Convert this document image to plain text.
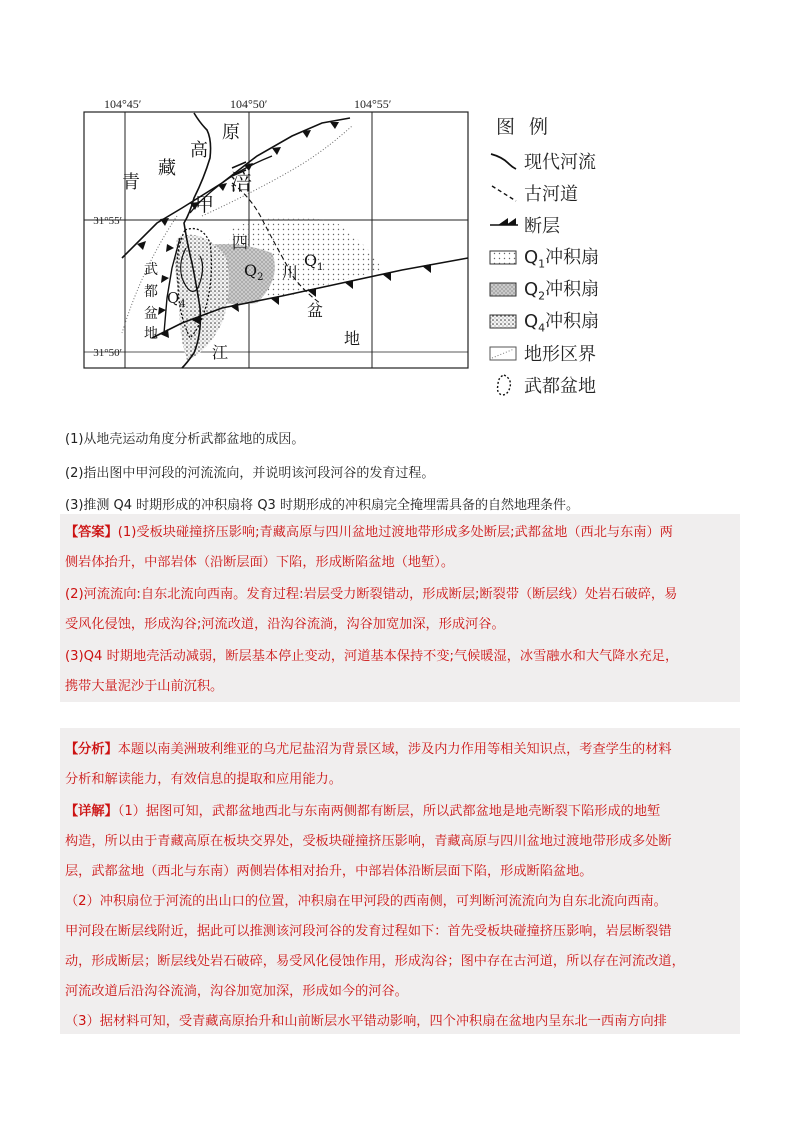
104°45′	104°50′	104°55′
31°55′
31°50′
原
高
藏
青	涪
甲
四
川
盆
地
武
都
盆
地
江
$Q_1$
$Q_2$
$Q_4$
图例
现代河流
古河道
断层
$Q_1$冲积扇
$Q_2$冲积扇
$Q_4$冲积扇
地形区界
武都盆地
(1)从地壳运动角度分析武都盆地的成因。
(2)指出图中甲河段的河流流向，并说明该河段河谷的发育过程。
(3)推测 Q4 时期形成的冲积扇将 Q3 时期形成的冲积扇完全掩埋需具备的自然地理条件。
【答案】(1)受板块碰撞挤压影响;青藏高原与四川盆地过渡地带形成多处断层;武都盆地（西北与东南）两
侧岩体抬升，中部岩体（沿断层面）下陷，形成断陷盆地（地堑）。
(2)河流流向:自东北流向西南。发育过程:岩层受力断裂错动，形成断层;断裂带（断层线）处岩石破碎，易
受风化侵蚀，形成沟谷;河流改道，沿沟谷流淌，沟谷加宽加深，形成河谷。
(3)Q4 时期地壳活动减弱，断层基本停止变动，河道基本保持不变;气候暖湿，冰雪融水和大气降水充足，
携带大量泥沙于山前沉积。
【分析】本题以南美洲玻利维亚的乌尤尼盐沼为背景区域，涉及内力作用等相关知识点，考查学生的材料
分析和解读能力，有效信息的提取和应用能力。
【详解】（1）据图可知，武都盆地西北与东南两侧都有断层，所以武都盆地是地壳断裂下陷形成的地堑
构造，所以由于青藏高原在板块交界处，受板块碰撞挤压影响，青藏高原与四川盆地过渡地带形成多处断
层，武都盆地（西北与东南）两侧岩体相对抬升，中部岩体沿断层面下陷，形成断陷盆地。
（2）冲积扇位于河流的出山口的位置，冲积扇在甲河段的西南侧，可判断河流流向为自东北流向西南。
甲河段在断层线附近，据此可以推测该河段河谷的发育过程如下：首先受板块碰撞挤压影响，岩层断裂错
动，形成断层；断层线处岩石破碎，易受风化侵蚀作用，形成沟谷；图中存在古河道，所以存在河流改道，
河流改道后沿沟谷流淌，沟谷加宽加深，形成如今的河谷。
（3）据材料可知，受青藏高原抬升和山前断层水平错动影响，四个冲积扇在盆地内呈东北一西南方向排
